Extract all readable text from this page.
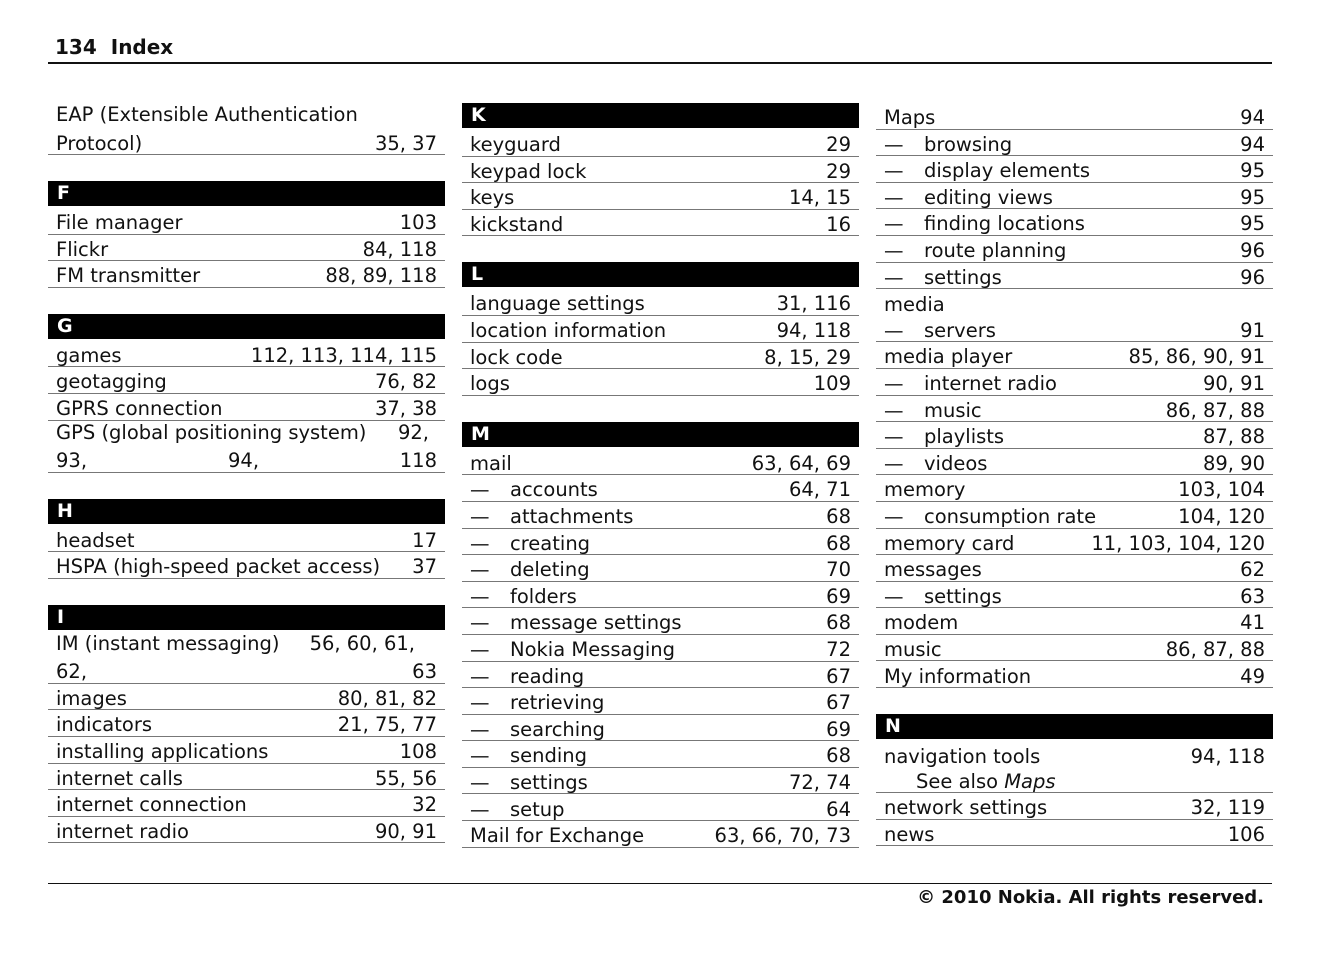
134 Index
EAP (Extensible Authentication
Protocol)	35, 37
F
File manager	103
Flickr	84, 118
FM transmitter	88, 89, 118
G
games	112, 113, 114, 115
geotagging	76, 82
GPRS connection	37, 38
GPS (global positioning system) 92,
93,	94,	118
H
headset	17
HSPA (high-speed packet access) 37
I
IM (instant messaging) 56, 60, 61,
62,	63
images	80, 81, 82
indicators	21, 75, 77
installing applications	108
internet calls	55, 56
internet connection	32
internet radio	90, 91
K
keyguard	29
keypad lock	29
keys	14, 15
kickstand	16
L
language settings	31, 116
location information	94, 118
lock code	8, 15, 29
logs	109
M
mail	63, 64, 69
— accounts	64, 71
— attachments	68
— creating	68
— deleting	70
— folders	69
— message settings	68
— Nokia Messaging	72
— reading	67
— retrieving	67
— searching	69
— sending	68
— settings	72, 74
— setup	64
Mail for Exchange	63, 66, 70, 73
Maps	94
— browsing	94
— display elements	95
— editing views	95
— finding locations	95
— route planning	96
— settings	96
media
— servers	91
media player	85, 86, 90, 91
— internet radio	90, 91
— music	86, 87, 88
— playlists	87, 88
— videos	89, 90
memory	103, 104
— consumption rate	104, 120
memory card	11, 103, 104, 120
messages	62
— settings	63
modem	41
music	86, 87, 88
My information	49
N
navigation tools	94, 118
See also Maps
network settings	32, 119
news	106
© 2010 Nokia. All rights reserved.
